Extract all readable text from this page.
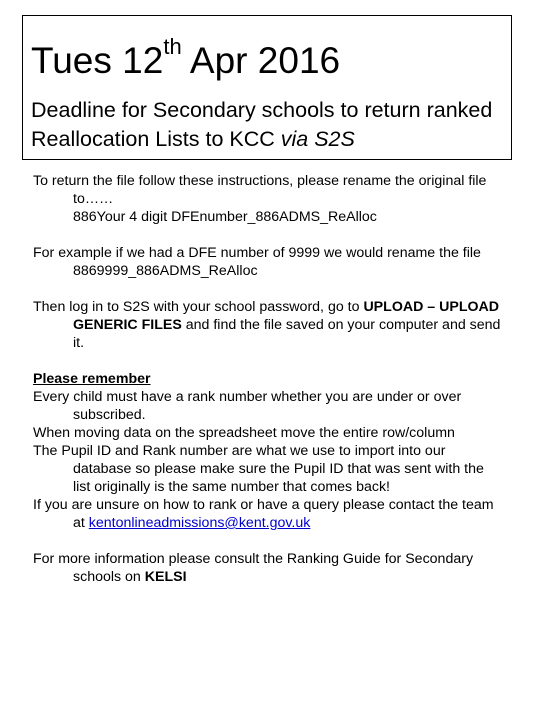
Tues 12th Apr 2016
Deadline for Secondary schools to return ranked Reallocation Lists to KCC via S2S

To return the file follow these instructions, please rename the original file to……

886Your 4 digit DFEnumber_886ADMS_ReAlloc

For example if we had a DFE number of 9999 we would rename the file 8869999_886ADMS_ReAlloc

Then log in to S2S with your school password, go to UPLOAD – UPLOAD GENERIC FILES and find the file saved on your computer and send it.

Please remember

Every child must have a rank number whether you are under or over subscribed.

When moving data on the spreadsheet move the entire row/column

The Pupil ID and Rank number are what we use to import into our database so please make sure the Pupil ID that was sent with the list originally is the same number that comes back!

If you are unsure on how to rank or have a query please contact the team at kentonlineadmissions@kent.gov.uk

For more information please consult the Ranking Guide for Secondary schools on KELSI
